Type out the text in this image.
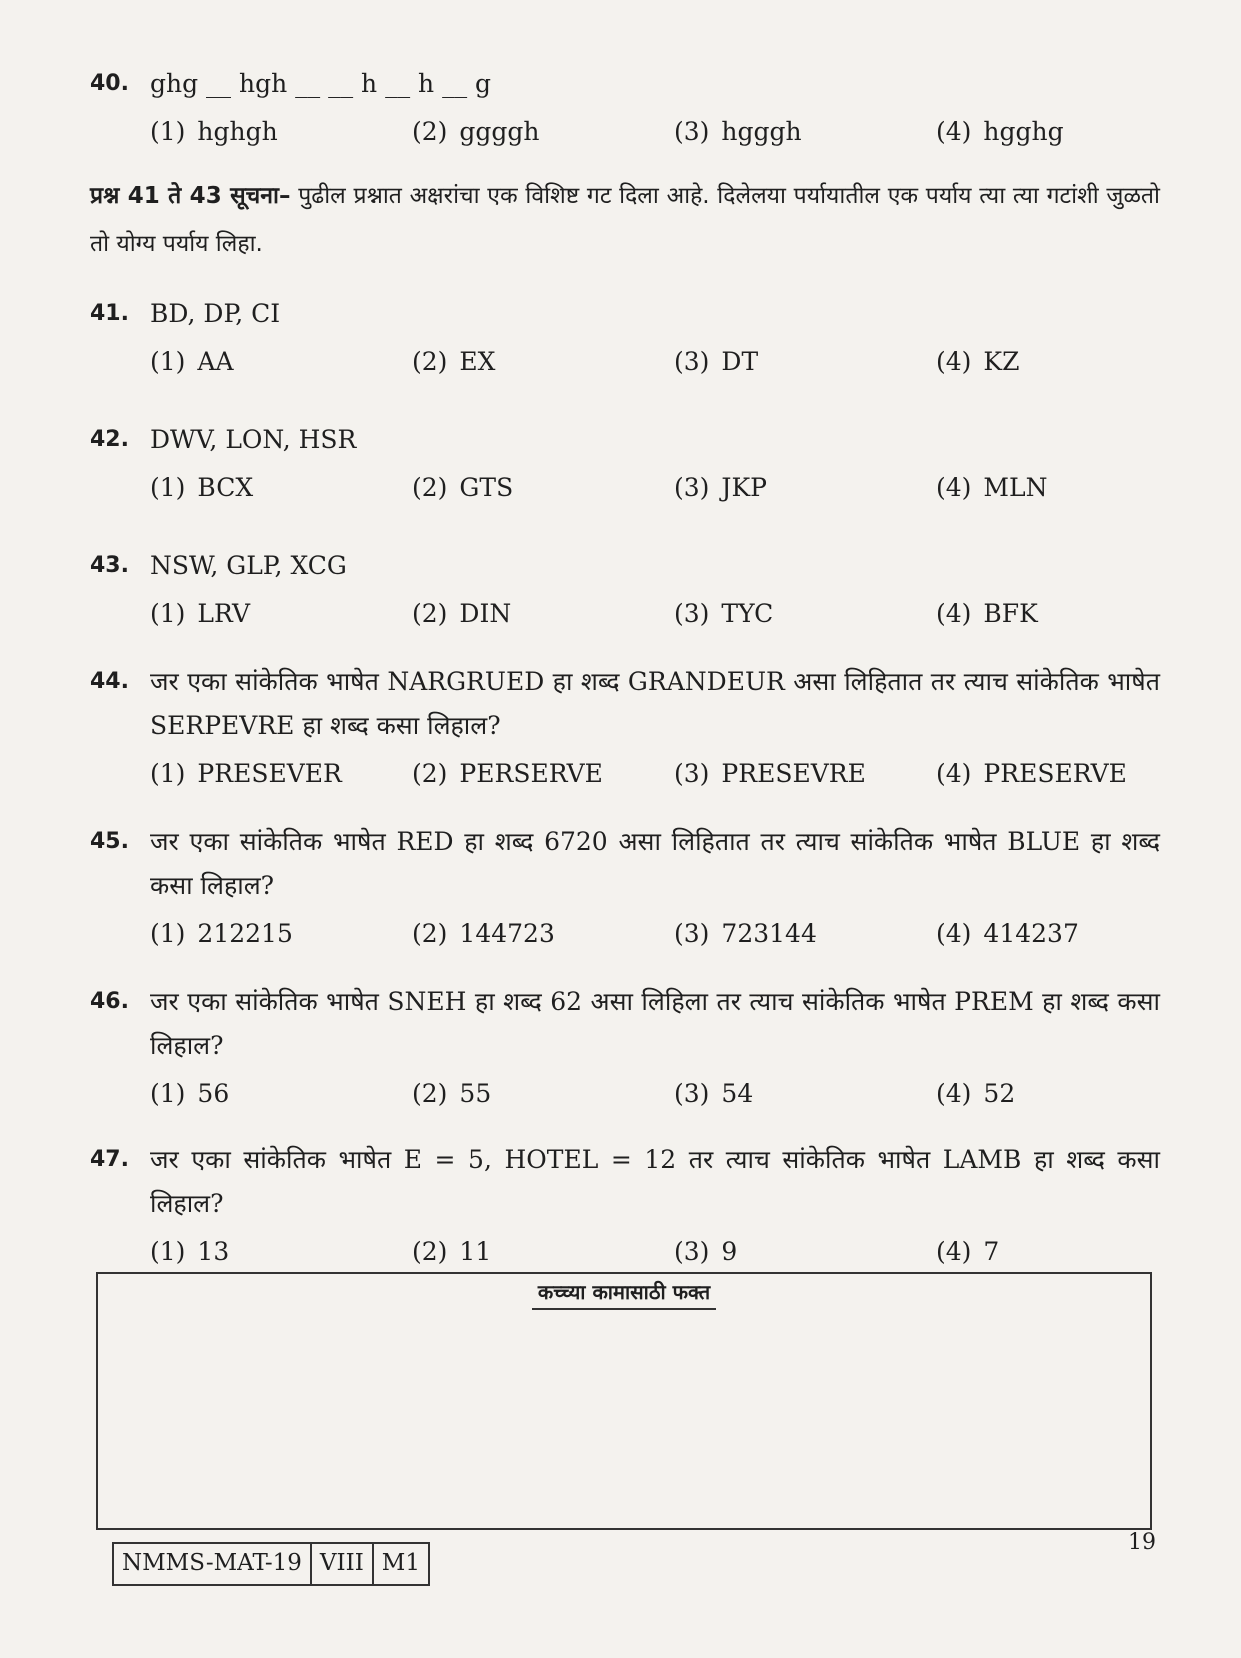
40. ghg __ hgh __ __ h __ h __ g
(1) hghgh	(2) ggggh	(3) hgggh	(4) hgghg
प्रश्न 41 ते 43 सूचना– पुढील प्रश्नात अक्षरांचा एक विशिष्ट गट दिला आहे. दिलेलया पर्यायातील एक पर्याय त्या त्या गटांशी जुळतो तो योग्य पर्याय लिहा.
41. BD, DP, CI
(1) AA	(2) EX	(3) DT	(4) KZ
42. DWV, LON, HSR
(1) BCX	(2) GTS	(3) JKP	(4) MLN
43. NSW, GLP, XCG
(1) LRV	(2) DIN	(3) TYC	(4) BFK
44. जर एका सांकेतिक भाषेत NARGRUED हा शब्द GRANDEUR असा लिहितात तर त्याच सांकेतिक भाषेत SERPEVRE हा शब्द कसा लिहाल?
(1) PRESEVER	(2) PERSERVE	(3) PRESEVRE	(4) PRESERVE
45. जर एका सांकेतिक भाषेत RED हा शब्द 6720 असा लिहितात तर त्याच सांकेतिक भाषेत BLUE हा शब्द कसा लिहाल?
(1) 212215	(2) 144723	(3) 723144	(4) 414237
46. जर एका सांकेतिक भाषेत SNEH हा शब्द 62 असा लिहिला तर त्याच सांकेतिक भाषेत PREM हा शब्द कसा लिहाल?
(1) 56	(2) 55	(3) 54	(4) 52
47. जर एका सांकेतिक भाषेत E = 5, HOTEL = 12 तर त्याच सांकेतिक भाषेत LAMB हा शब्द कसा लिहाल?
(1) 13	(2) 11	(3) 9	(4) 7
कच्च्या कामासाठी फक्त
NMMS-MAT-19 VIII M1
19
